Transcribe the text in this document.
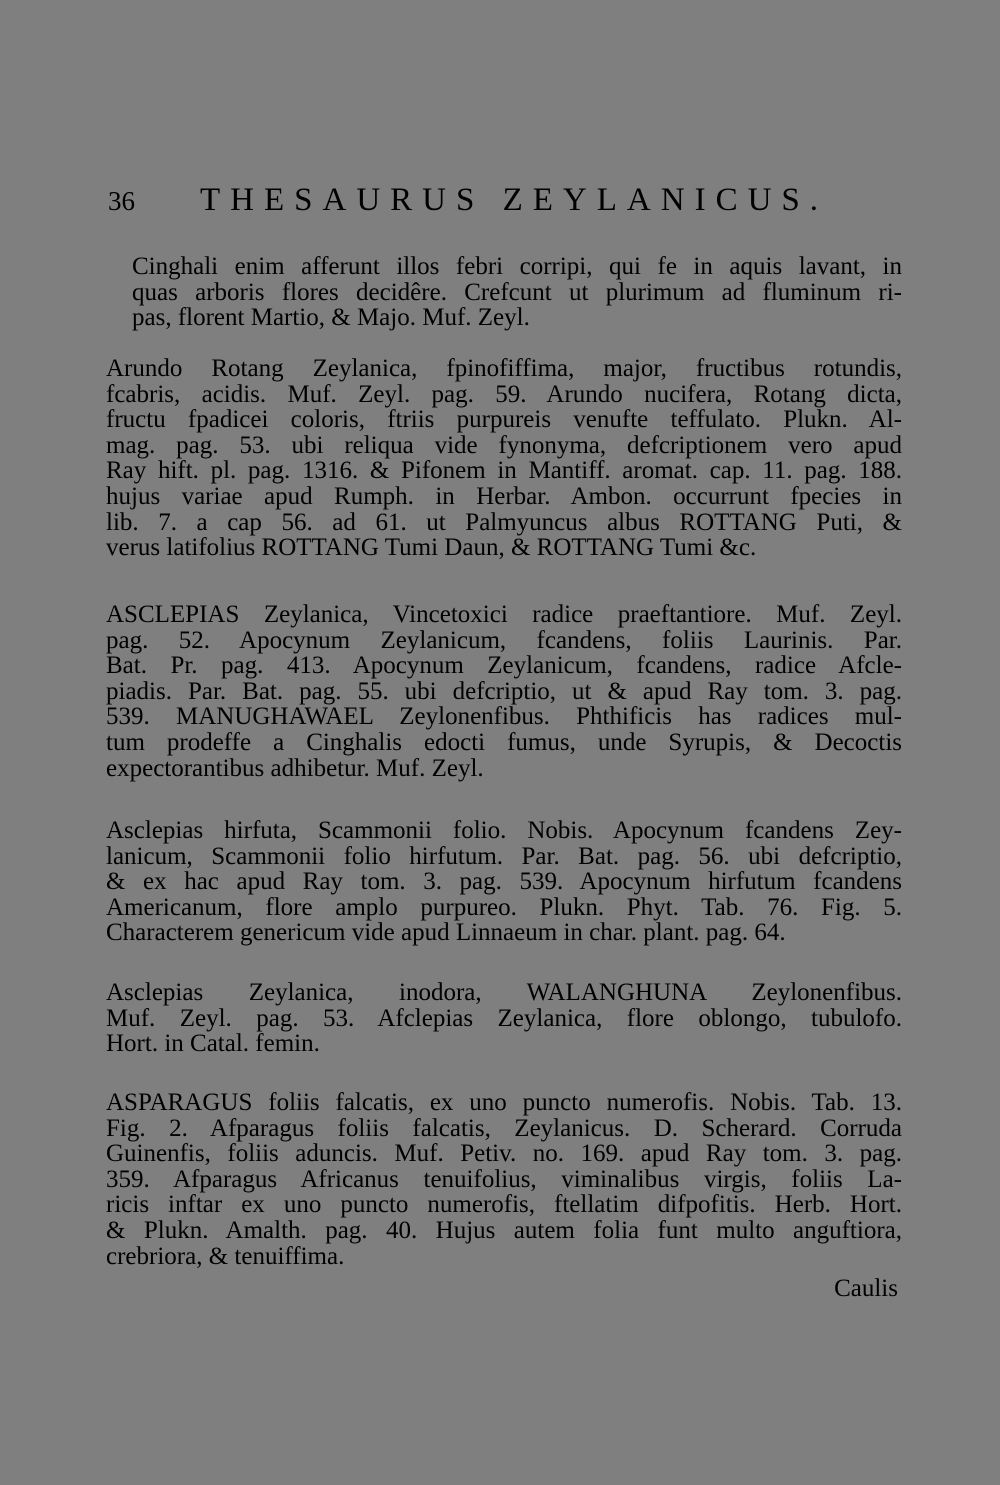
36 THESAURUS ZEYLANICUS.
Cinghali enim afferunt illos febri corripi, qui fe in aquis lavant, in
quas arboris flores decidêre. Crefcunt ut plurimum ad fluminum ri-
pas, florent Martio, & Majo. Muf. Zeyl.
Arundo Rotang Zeylanica, fpinofiffima, major, fructibus rotundis,
fcabris, acidis. Muf. Zeyl. pag. 59. Arundo nucifera, Rotang dicta,
fructu fpadicei coloris, ftriis purpureis venufte teffulato. Plukn. Al-
mag. pag. 53. ubi reliqua vide fynonyma, defcriptionem vero apud
Ray hift. pl. pag. 1316. & Pifonem in Mantiff. aromat. cap. 11. pag. 188.
hujus variae apud Rumph. in Herbar. Ambon. occurrunt fpecies in
lib. 7. a cap 56. ad 61. ut Palmyuncus albus ROTTANG Puti, &
verus latifolius ROTTANG Tumi Daun, & ROTTANG Tumi &c.
ASCLEPIAS Zeylanica, Vincetoxici radice praeftantiore. Muf. Zeyl.
pag. 52. Apocynum Zeylanicum, fcandens, foliis Laurinis. Par.
Bat. Pr. pag. 413. Apocynum Zeylanicum, fcandens, radice Afcle-
piadis. Par. Bat. pag. 55. ubi defcriptio, ut & apud Ray tom. 3. pag.
539. MANUGHAWAEL Zeylonenfibus. Phthificis has radices mul-
tum prodeffe a Cinghalis edocti fumus, unde Syrupis, & Decoctis
expectorantibus adhibetur. Muf. Zeyl.
Asclepias hirfuta, Scammonii folio. Nobis. Apocynum fcandens Zey-
lanicum, Scammonii folio hirfutum. Par. Bat. pag. 56. ubi defcriptio,
& ex hac apud Ray tom. 3. pag. 539. Apocynum hirfutum fcandens
Americanum, flore amplo purpureo. Plukn. Phyt. Tab. 76. Fig. 5.
Characterem genericum vide apud Linnaeum in char. plant. pag. 64.
Asclepias Zeylanica, inodora, WALANGHUNA Zeylonenfibus.
Muf. Zeyl. pag. 53. Afclepias Zeylanica, flore oblongo, tubulofo.
Hort. in Catal. femin.
ASPARAGUS foliis falcatis, ex uno puncto numerofis. Nobis. Tab. 13.
Fig. 2. Afparagus foliis falcatis, Zeylanicus. D. Scherard. Corruda
Guinenfis, foliis aduncis. Muf. Petiv. no. 169. apud Ray tom. 3. pag.
359. Afparagus Africanus tenuifolius, viminalibus virgis, foliis La-
ricis inftar ex uno puncto numerofis, ftellatim difpofitis. Herb. Hort.
& Plukn. Amalth. pag. 40. Hujus autem folia funt multo anguftiora,
crebriora, & tenuiffima.
Caulis
